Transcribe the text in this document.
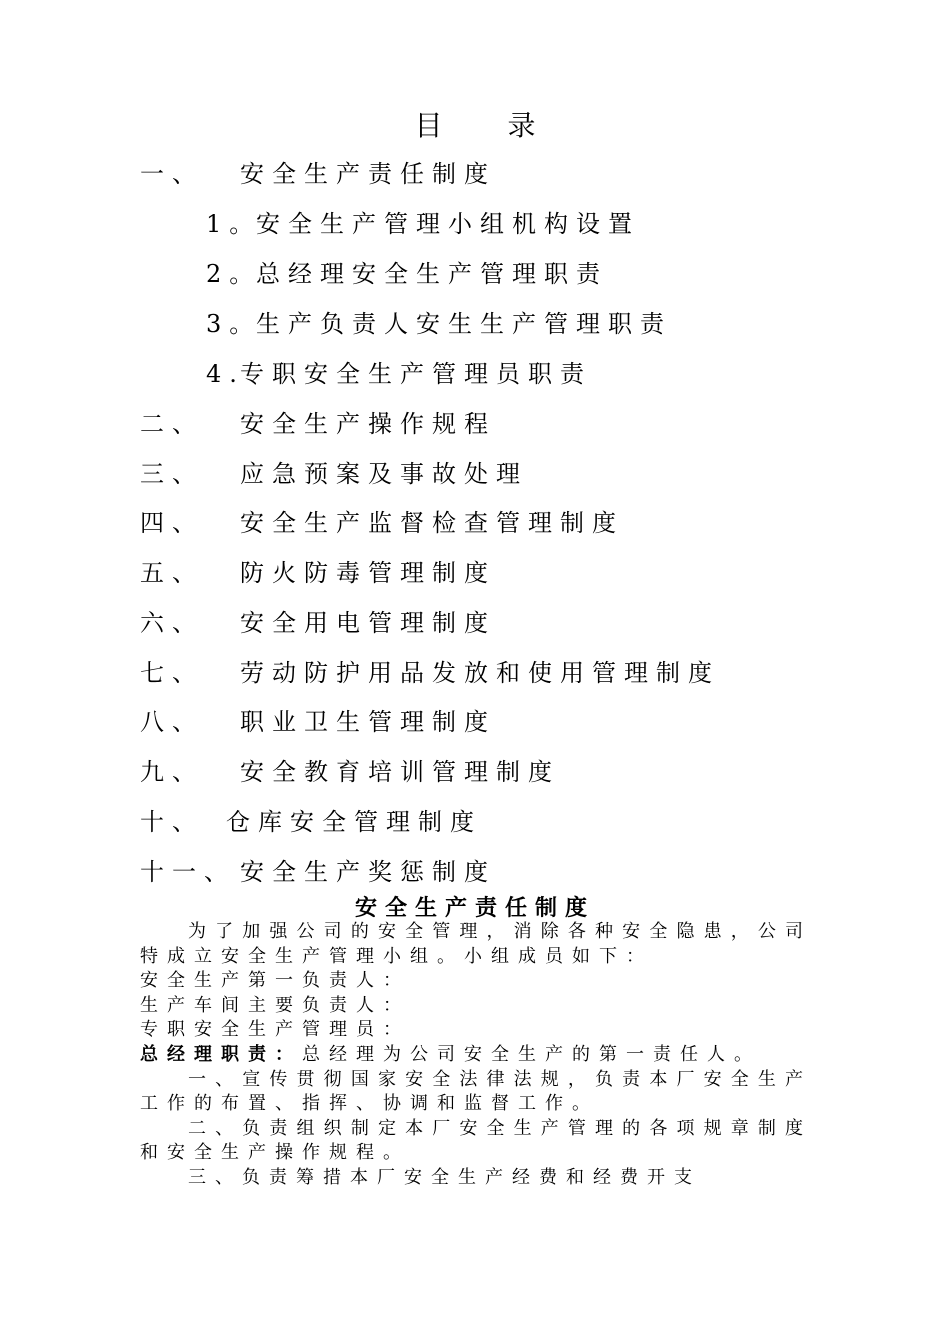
目 录
一、 安全生产责任制度
1。安全生产管理小组机构设置
2。总经理安全生产管理职责
3。生产负责人安生生产管理职责
4.专职安全生产管理员职责
二、 安全生产操作规程
三、 应急预案及事故处理
四、 安全生产监督检查管理制度
五、 防火防毒管理制度
六、 安全用电管理制度
七、 劳动防护用品发放和使用管理制度
八、 职业卫生管理制度
九、 安全教育培训管理制度
十、 仓库安全管理制度
十一、 安全生产奖惩制度
安全生产责任制度

为了加强公司的安全管理，消除各种安全隐患，公司特成立安全生产管理小组。小组成员如下：

安全生产第一负责人：

生产车间主要负责人：

专职安全生产管理员：

总经理职责：总经理为公司安全生产的第一责任人。

一、宣传贯彻国家安全法律法规，负责本厂安全生产工作的布置、指挥、协调和监督工作。

二、负责组织制定本厂安全生产管理的各项规章制度和安全生产操作规程。

三、负责筹措本厂安全生产经费和经费开支
